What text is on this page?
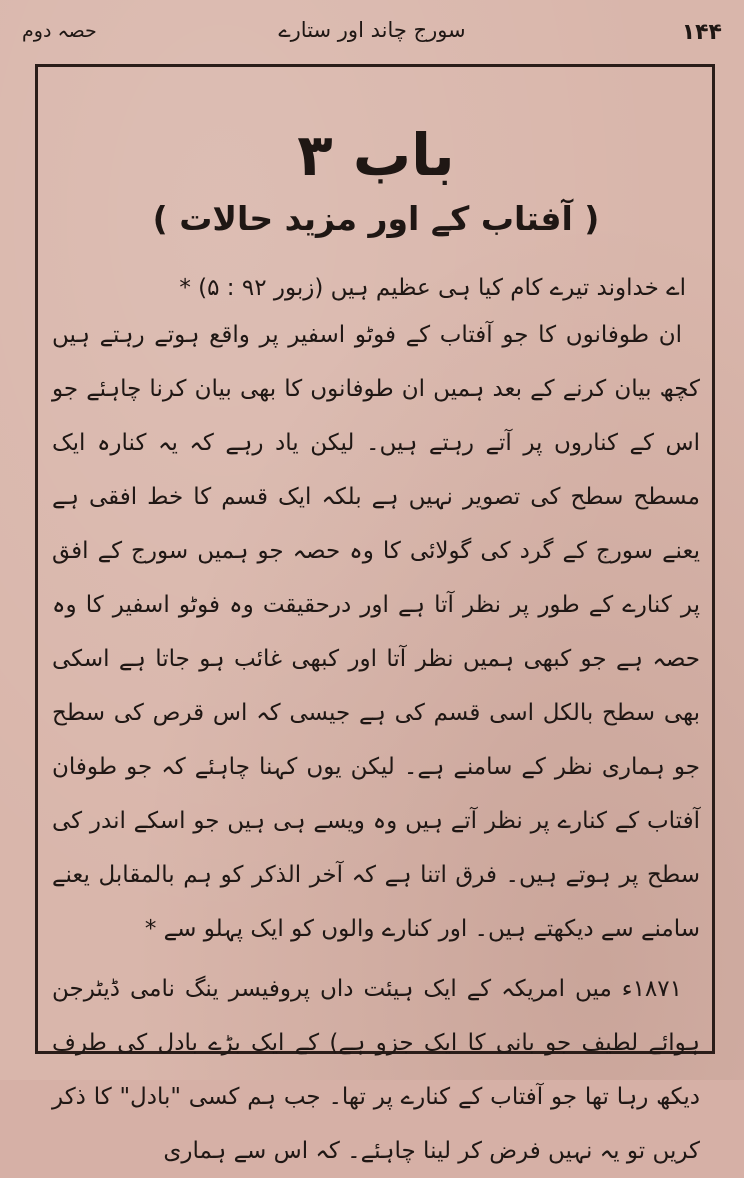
۱۴۴
سورج چاند اور ستارے
حصہ دوم
باب ۳
( آفتاب کے اور مزید حالات )

اے خداوند تیرے کام کیا ہی عظیم ہیں (زبور ۹۲ : ۵) *

ان طوفانوں کا جو آفتاب کے فوٹو اسفیر پر واقع ہوتے رہتے ہیں کچھ بیان کرنے کے بعد ہمیں ان طوفانوں کا بھی بیان کرنا چاہئے جو اس کے کناروں پر آتے رہتے ہیں۔ لیکن یاد رہے کہ یہ کنارہ ایک مسطح سطح کی تصویر نہیں ہے بلکہ ایک قسم کا خط افقی ہے یعنے سورج کے گرد کی گولائی کا وہ حصہ جو ہمیں سورج کے افق پر کنارے کے طور پر نظر آتا ہے اور درحقیقت وہ فوٹو اسفیر کا وہ حصہ ہے جو کبھی ہمیں نظر آتا اور کبھی غائب ہو جاتا ہے اسکی بھی سطح بالکل اسی قسم کی ہے جیسی کہ اس قرص کی سطح جو ہماری نظر کے سامنے ہے۔ لیکن یوں کہنا چاہئے کہ جو طوفان آفتاب کے کنارے پر نظر آتے ہیں وہ ویسے ہی ہیں جو اسکے اندر کی سطح پر ہوتے ہیں۔ فرق اتنا ہے کہ آخر الذکر کو ہم بالمقابل یعنے سامنے سے دیکھتے ہیں۔ اور کنارے والوں کو ایک پہلو سے *

۱۸۷۱ء میں امریکہ کے ایک ہیئت داں پروفیسر ینگ نامی ڈیٹرجن ہوائے لطیف جو بانی کا ایک جزو ہے) کے ایک بڑے بادل کی طرف دیکھ رہا تھا جو آفتاب کے کنارے پر تھا۔ جب ہم کسی "بادل" کا ذکر کریں تو یہ نہیں فرض کر لینا چاہئے۔ کہ اس سے ہماری
